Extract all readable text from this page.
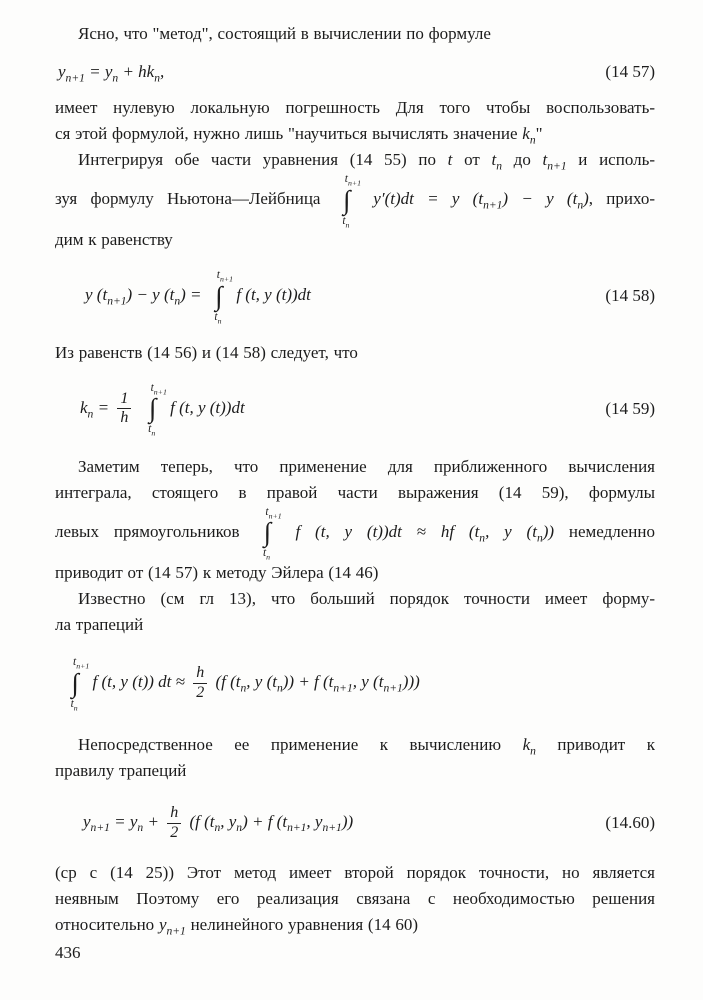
Ясно, что "метод", состоящий в вычислении по формуле

$y_{n+1} = y_n + hk_n$,	(14 57)

имеет нулевую локальную погрешность Для того чтобы воспользовать-

ся этой формулой, нужно лишь "научиться вычислять значение $k_n$"

Интегрируя обе части уравнения (14 55) по t от $t_n$ до $t_{n+1}$ и исполь-

зуя формулу Ньютона—Лейбница
$t_{n+1}$
∫
$t_n$
y′(t)dt = y $(t_{n+1}) - y$ $(t_n)$, прихо-

дим к равенству

y $(t_{n+1}) - y$ $(t_n)$ =
$t_{n+1}$
∫
$t_n$
f (t, y (t))dt	(14 58)

Из равенств (14 56) и (14 58) следует, что

$k_n = \frac{1}{h}$

$t_{n+1}$
∫
$t_n$
f (t, y (t))dt	(14 59)

Заметим теперь, что применение для приближенного вычисления

интеграла, стоящего в правой части выражения (14 59), формулы

левых прямоугольников
$t_{n+1}$
∫
$t_n$
f (t, y (t))dt ≈ hf ($t_n$, y $(t_n)$) немедленно

приводит от (14 57) к методу Эйлера (14 46)

Известно (см гл 13), что больший порядок точности имеет форму-

ла трапеций

$t_{n+1}$
∫
$t_n$
f (t, y (t)) dt ≈ $\frac{h}{2} (f$ ($t_n$, y $(t_n)) + f$ ($t_{n+1}$, y $(t_{n+1})$))

Непосредственное ее применение к вычислению $k_n$ приводит к

правилу трапеций

$y_{n+1} = y_n + \frac{h}{2} (f$ ($t_n$, $y_n) + f$ ($t_{n+1}$, $y_{n+1}$))	(14.60)

(ср с (14 25)) Этот метод имеет второй порядок точности, но является

неявным Поэтому его реализация связана с необходимостью решения

относительно $y_{n+1}$ нелинейного уравнения (14 60)

436
